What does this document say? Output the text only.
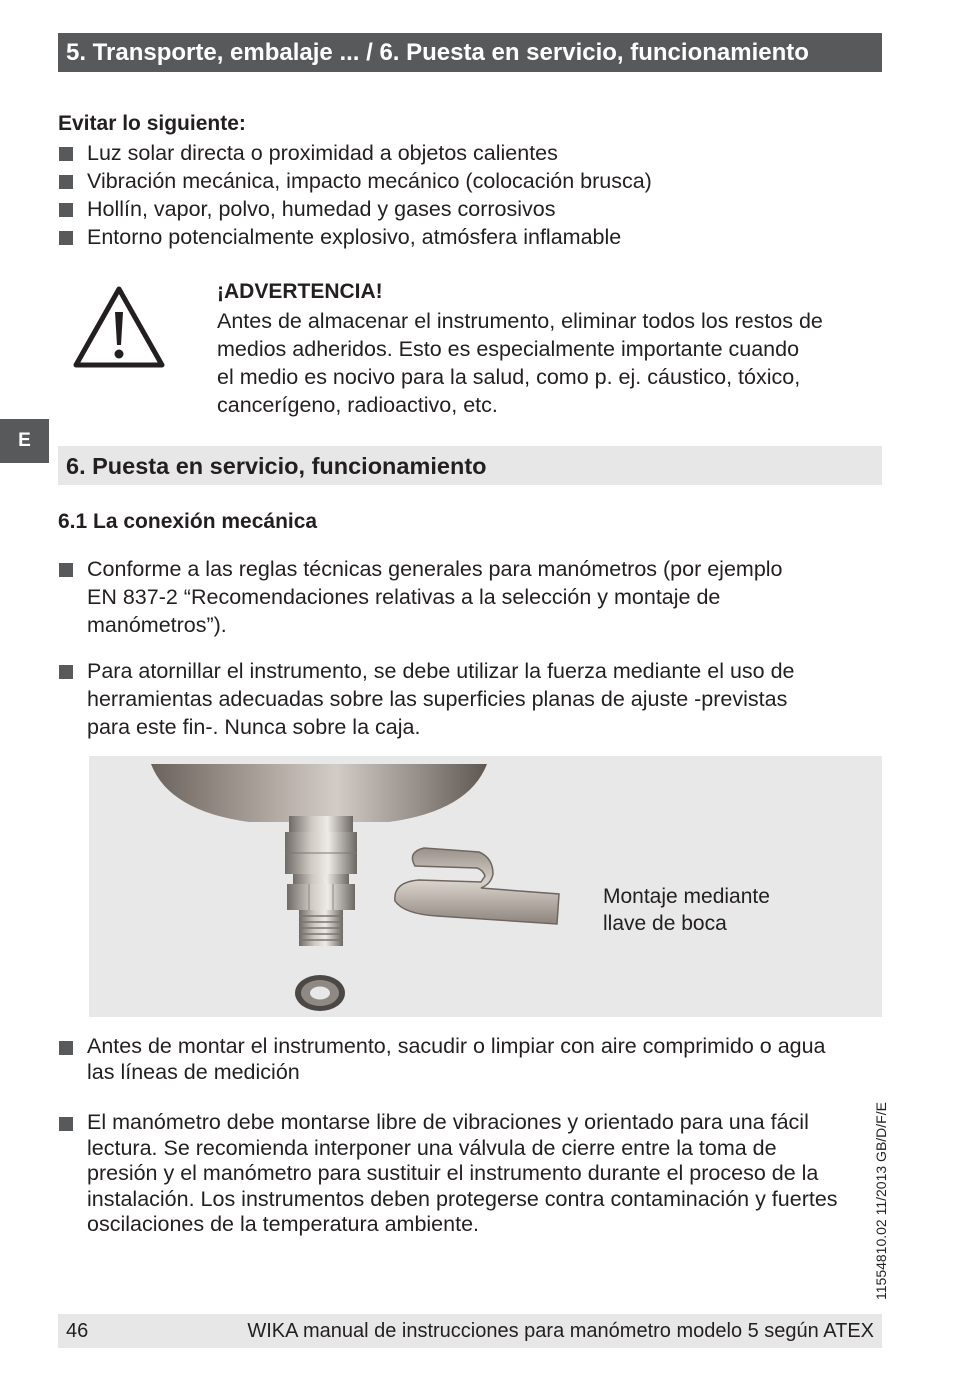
5. Transporte, embalaje ... / 6. Puesta en servicio, funcionamiento
Evitar lo siguiente:
Luz solar directa o proximidad a objetos calientes
Vibración mecánica, impacto mecánico (colocación brusca)
Hollín, vapor, polvo, humedad y gases corrosivos
Entorno potencialmente explosivo, atmósfera inflamable
¡ADVERTENCIA!
Antes de almacenar el instrumento, eliminar todos los restos de
medios adheridos. Esto es especialmente importante cuando
el medio es nocivo para la salud, como p. ej. cáustico, tóxico,
cancerígeno, radioactivo, etc.
E
6. Puesta en servicio, funcionamiento
6.1 La conexión mecánica
Conforme a las reglas técnicas generales para manómetros (por ejemplo
EN 837-2 “Recomendaciones relativas a la selección y montaje de
manómetros”).
Para atornillar el instrumento, se debe utilizar la fuerza mediante el uso de
herramientas adecuadas sobre las superficies planas de ajuste -previstas
para este fin-. Nunca sobre la caja.
Montaje mediante
llave de boca
Antes de montar el instrumento, sacudir o limpiar con aire comprimido o agua
las líneas de medición
El manómetro debe montarse libre de vibraciones y orientado para una fácil
lectura. Se recomienda interponer una válvula de cierre entre la toma de
presión y el manómetro para sustituir el instrumento durante el proceso de la
instalación. Los instrumentos deben protegerse contra contaminación y fuertes
oscilaciones de la temperatura ambiente.	11554810.02 11/2013 GB/D/F/E
46	WIKA manual de instrucciones para manómetro modelo 5 según ATEX
